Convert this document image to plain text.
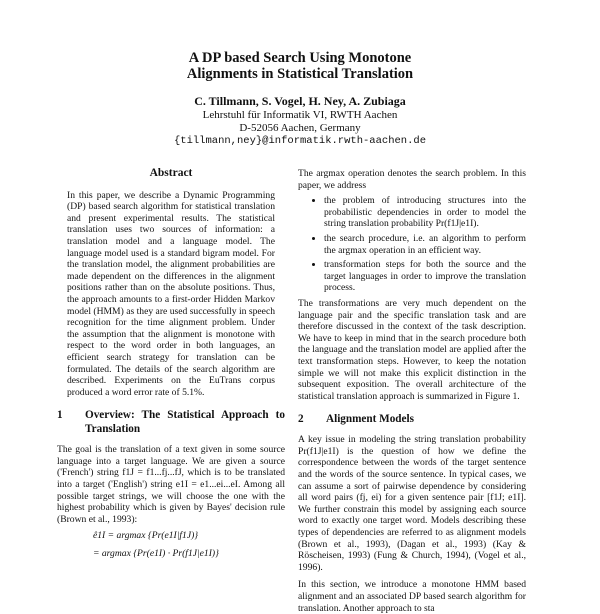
A DP based Search Using Monotone
Alignments in Statistical Translation
C. Tillmann, S. Vogel, H. Ney, A. Zubiaga
Lehrstuhl für Informatik VI, RWTH Aachen
D-52056 Aachen, Germany
{tillmann,ney}@informatik.rwth-aachen.de
Abstract

In this paper, we describe a Dynamic Programming (DP) based search algorithm for statistical translation and present experimental results. The statistical translation uses two sources of information: a translation model and a language model. The language model used is a standard bigram model. For the translation model, the alignment probabilities are made dependent on the differences in the alignment positions rather than on the absolute positions. Thus, the approach amounts to a first-order Hidden Markov model (HMM) as they are used successfully in speech recognition for the time alignment problem. Under the assumption that the alignment is monotone with respect to the word order in both languages, an efficient search strategy for translation can be formulated. The details of the search algorithm are described. Experiments on the EuTrans corpus produced a word error rate of 5.1%.

1	Overview: The Statistical Approach to Translation

The goal is the translation of a text given in some source language into a target language. We are given a source ('French') string f1J = f1...fj...fJ, which is to be translated into a target ('English') string e1I = e1...ei...eI. Among all possible target strings, we will choose the one with the highest probability which is given by Bayes' decision rule (Brown et al., 1993):

ê1I = argmax {Pr(e1I|f1J)}
= argmax {Pr(e1I) · Pr(f1J|e1I)}

The argmax operation denotes the search problem. In this paper, we address

• the problem of introducing structures into the probabilistic dependencies in order to model the string translation probability Pr(f1J|e1I).
• the search procedure, i.e. an algorithm to perform the argmax operation in an efficient way.
• transformation steps for both the source and the target languages in order to improve the translation process.

The transformations are very much dependent on the language pair and the specific translation task and are therefore discussed in the context of the task description. We have to keep in mind that in the search procedure both the language and the translation model are applied after the text transformation steps. However, to keep the notation simple we will not make this explicit distinction in the subsequent exposition. The overall architecture of the statistical translation approach is summarized in Figure 1.

2	Alignment Models

A key issue in modeling the string translation probability Pr(f1J|e1I) is the question of how we define the correspondence between the words of the target sentence and the words of the source sentence. In typical cases, we can assume a sort of pairwise dependence by considering all word pairs (fj, ei) for a given sentence pair [f1J; e1I]. We further constrain this model by assigning each source word to exactly one target word. Models describing these types of dependencies are referred to as alignment models (Brown et al., 1993), (Dagan et al., 1993) (Kay & Röscheisen, 1993) (Fung & Church, 1994), (Vogel et al., 1996).

In this section, we introduce a monotone HMM based alignment and an associated DP based search algorithm for translation. Another approach to sta
